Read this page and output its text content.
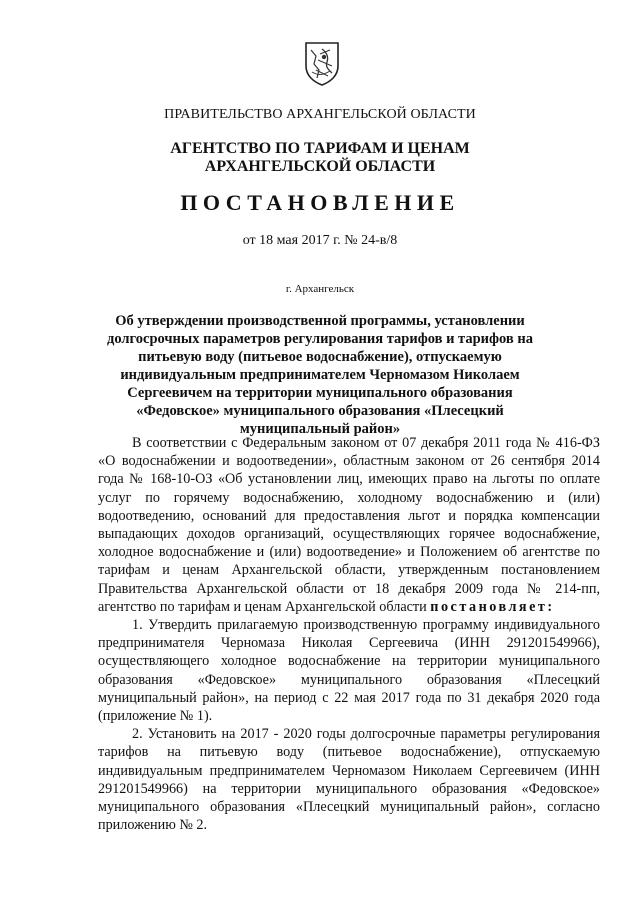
ПРАВИТЕЛЬСТВО АРХАНГЕЛЬСКОЙ ОБЛАСТИ
АГЕНТСТВО ПО ТАРИФАМ И ЦЕНАМ
АРХАНГЕЛЬСКОЙ ОБЛАСТИ
ПОСТАНОВЛЕНИЕ
от 18 мая 2017 г. № 24-в/8
г. Архангельск
Об утверждении производственной программы, установлении долгосрочных параметров регулирования тарифов и тарифов на питьевую воду (питьевое водоснабжение), отпускаемую индивидуальным предпринимателем Черномазом Николаем Сергеевичем на территории муниципального образования «Федовское» муниципального образования «Плесецкий муниципальный район»

В соответствии с Федеральным законом от 07 декабря 2011 года № 416-ФЗ «О водоснабжении и водоотведении», областным законом от 26 сентября 2014 года № 168-10-ОЗ «Об установлении лиц, имеющих право на льготы по оплате услуг по горячему водоснабжению, холодному водоснабжению и (или) водоотведению, оснований для предоставления льгот и порядка компенсации выпадающих доходов организаций, осуществляющих горячее водоснабжение, холодное водоснабжение и (или) водоотведение» и Положением об агентстве по тарифам и ценам Архангельской области, утвержденным постановлением Правительства Архангельской области от 18 декабря 2009 года № 214-пп, агентство по тарифам и ценам Архангельской области постановляет:

1. Утвердить прилагаемую производственную программу индивидуального предпринимателя Черномаза Николая Сергеевича (ИНН 291201549966), осуществляющего холодное водоснабжение на территории муниципального образования «Федовское» муниципального образования «Плесецкий муниципальный район», на период с 22 мая 2017 года по 31 декабря 2020 года (приложение № 1).

2. Установить на 2017 - 2020 годы долгосрочные параметры регулирования тарифов на питьевую воду (питьевое водоснабжение), отпускаемую индивидуальным предпринимателем Черномазом Николаем Сергеевичем (ИНН 291201549966) на территории муниципального образования «Федовское» муниципального образования «Плесецкий муниципальный район», согласно приложению № 2.
